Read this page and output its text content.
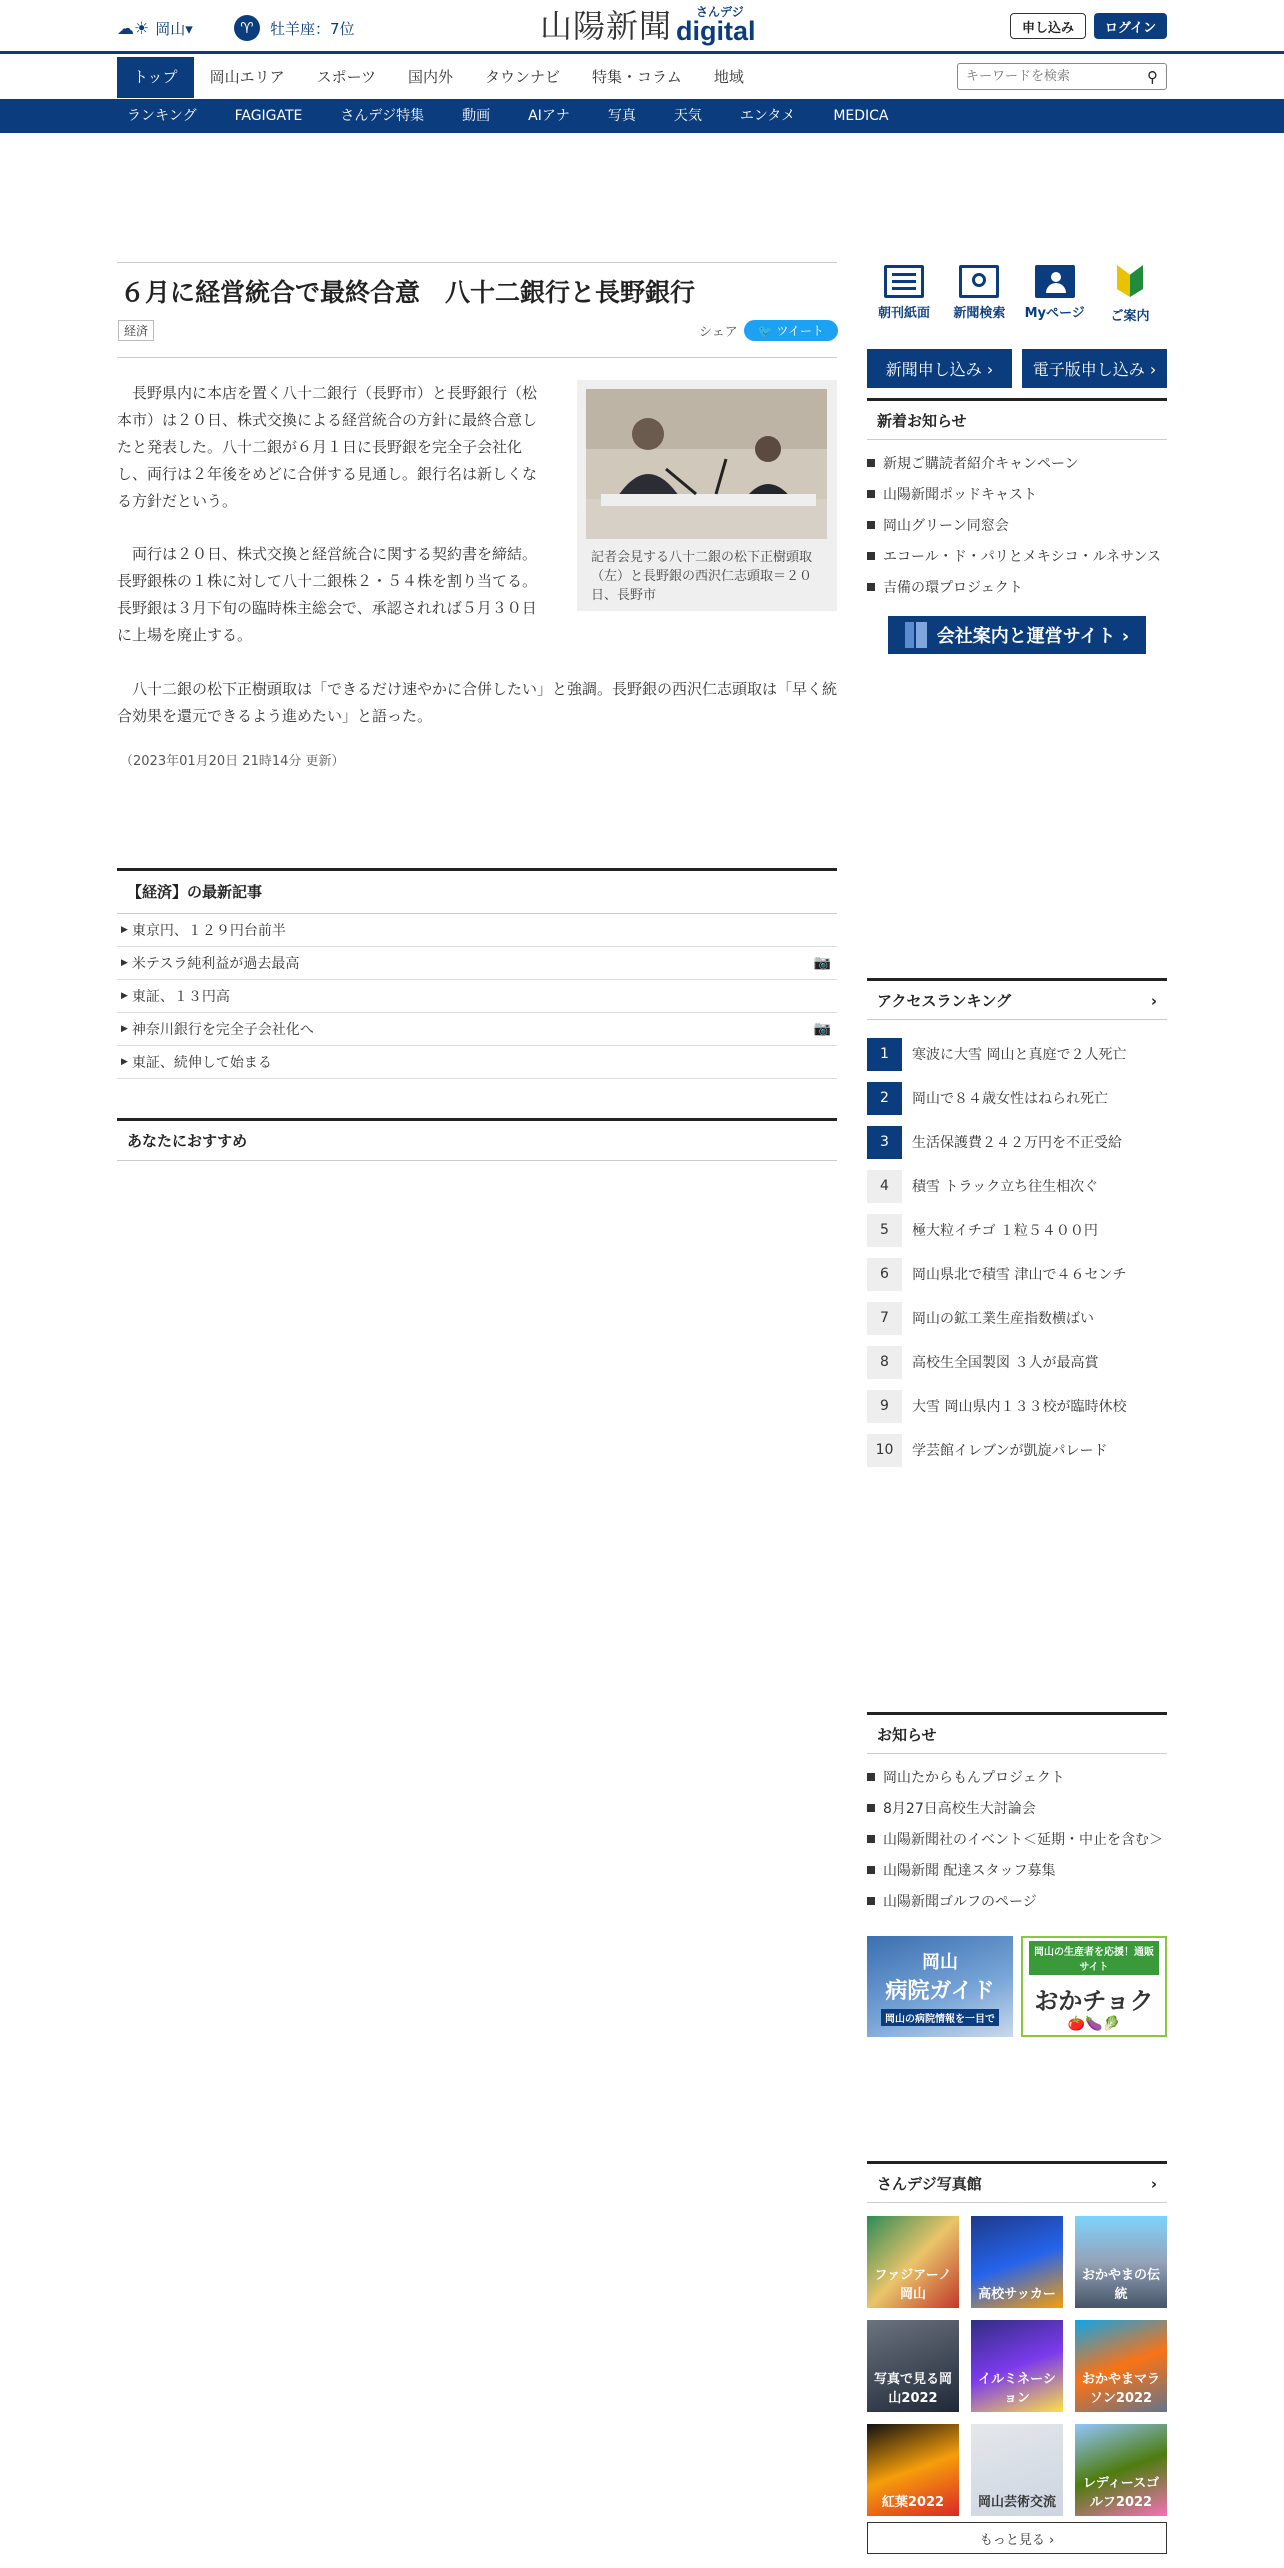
☁☀ 岡山▾	♈	牡羊座：7位	山陽新聞 さんデジ
digital	申し込み	ログイン
トップ	岡山エリア	スポーツ	国内外	タウンナビ	特集・コラム	地域
キーワードを検索	⚲
ランキング	FAGIGATE	さんデジ特集	動画	AIアナ	写真	天気	エンタメ	MEDICA
６月に経営統合で最終合意　八十二銀行と長野銀行
経済	シェア	🐦 ツイート
記者会見する八十二銀の松下正樹頭取（左）と長野銀の西沢仁志頭取＝２０日、長野市

長野県内に本店を置く八十二銀行（長野市）と長野銀行（松本市）は２０日、株式交換による経営統合の方針に最終合意したと発表した。八十二銀が６月１日に長野銀を完全子会社化し、両行は２年後をめどに合併する見通し。銀行名は新しくなる方針だという。

両行は２０日、株式交換と経営統合に関する契約書を締結。長野銀株の１株に対して八十二銀株２・５４株を割り当てる。長野銀は３月下旬の臨時株主総会で、承認されれば５月３０日に上場を廃止する。

八十二銀の松下正樹頭取は「できるだけ速やかに合併したい」と強調。長野銀の西沢仁志頭取は「早く統合効果を還元できるよう進めたい」と語った。

（2023年01月20日 21時14分 更新）
【経済】の最新記事
▶ 東京円、１２９円台前半
▶ 米テスラ純利益が過去最高	📷
▶ 東証、１３円高
▶ 神奈川銀行を完全子会社化へ	📷
▶ 東証、続伸して始まる
あなたにおすすめ
朝刊紙面 新聞検索 Myページ ご案内
新聞申し込み ›	電子版申し込み ›
新着お知らせ
新規ご購読者紹介キャンペーン
山陽新聞ポッドキャスト
岡山グリーン同窓会
エコール・ド・パリとメキシコ・ルネサンス
吉備の環プロジェクト
会社案内と運営サイト ›
アクセスランキング	›
1	寒波に大雪 岡山と真庭で２人死亡
2	岡山で８４歳女性はねられ死亡
3	生活保護費２４２万円を不正受給
4	積雪 トラック立ち往生相次ぐ
5	極大粒イチゴ １粒５４００円
6	岡山県北で積雪 津山で４６センチ
7	岡山の鉱工業生産指数横ばい
8	高校生全国製図 ３人が最高賞
9	大雪 岡山県内１３３校が臨時休校
10	学芸館イレブンが凱旋パレード
お知らせ
岡山たからもんプロジェクト
8月27日高校生大討論会
山陽新聞社のイベント＜延期・中止を含む＞
山陽新聞 配達スタッフ募集
山陽新聞ゴルフのページ
岡山
病院ガイド
岡山の病院情報を一目で
岡山の生産者を応援！通販サイト
おかチョク
🍅🍆🥬
さんデジ写真館	›
ファジアーノ岡山	高校サッカー
おかやまの伝統
写真で見る岡山2022
イルミネーション
おかやまマラソン2022
紅葉2022	岡山芸術交流
レディースゴルフ2022
もっと見る ›
